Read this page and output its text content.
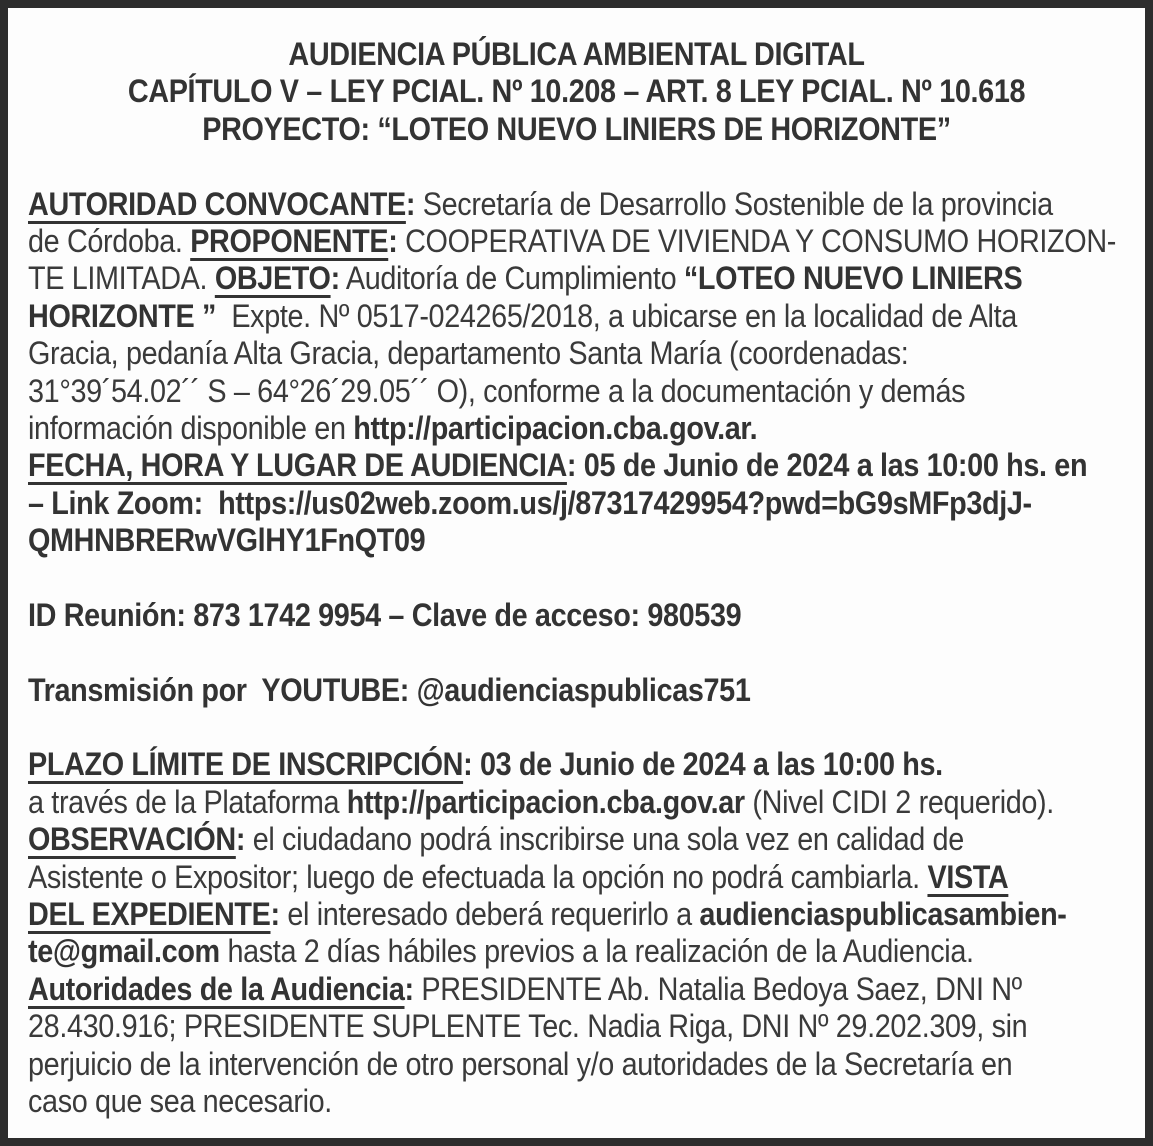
AUDIENCIA PÚBLICA AMBIENTAL DIGITAL
CAPÍTULO V – LEY PCIAL. Nº 10.208 – ART. 8 LEY PCIAL. Nº 10.618
PROYECTO: “LOTEO NUEVO LINIERS DE HORIZONTE”

AUTORIDAD CONVOCANTE: Secretaría de Desarrollo Sostenible de la provincia
de Córdoba. PROPONENTE: COOPERATIVA DE VIVIENDA Y CONSUMO HORIZON-
TE LIMITADA. OBJETO: Auditoría de Cumplimiento “LOTEO NUEVO LINIERS
HORIZONTE ”  Expte. Nº 0517-024265/2018, a ubicarse en la localidad de Alta
Gracia, pedanía Alta Gracia, departamento Santa María (coordenadas:
31°39´54.02´´ S – 64°26´29.05´´ O), conforme a la documentación y demás
información disponible en http://participacion.cba.gov.ar.
FECHA, HORA Y LUGAR DE AUDIENCIA: 05 de Junio de 2024 a las 10:00 hs. en
– Link Zoom:  https://us02web.zoom.us/j/87317429954?pwd=bG9sMFp3djJ-
QMHNBRERwVGlHY1FnQT09

ID Reunión: 873 1742 9954 – Clave de acceso: 980539

Transmisión por  YOUTUBE: @audienciaspublicas751

PLAZO LÍMITE DE INSCRIPCIÓN: 03 de Junio de 2024 a las 10:00 hs.
a través de la Plataforma http://participacion.cba.gov.ar (Nivel CIDI 2 requerido).
OBSERVACIÓN: el ciudadano podrá inscribirse una sola vez en calidad de
Asistente o Expositor; luego de efectuada la opción no podrá cambiarla. VISTA
DEL EXPEDIENTE: el interesado deberá requerirlo a audienciaspublicasambien-
te@gmail.com hasta 2 días hábiles previos a la realización de la Audiencia.
Autoridades de la Audiencia: PRESIDENTE Ab. Natalia Bedoya Saez, DNI Nº
28.430.916; PRESIDENTE SUPLENTE Tec. Nadia Riga, DNI Nº 29.202.309, sin
perjuicio de la intervención de otro personal y/o autoridades de la Secretaría en
caso que sea necesario.
